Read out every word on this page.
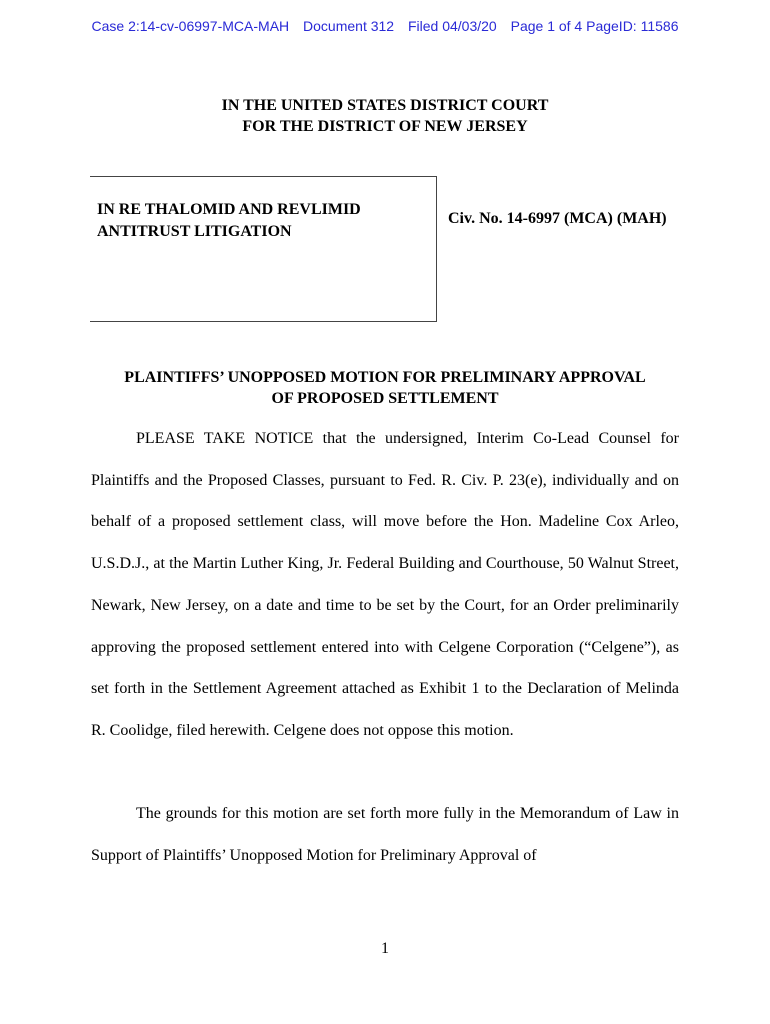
Case 2:14-cv-06997-MCA-MAH Document 312 Filed 04/03/20 Page 1 of 4 PageID: 11586
IN THE UNITED STATES DISTRICT COURT
FOR THE DISTRICT OF NEW JERSEY
IN RE THALOMID AND REVLIMID
ANTITRUST LITIGATION
Civ. No. 14-6997 (MCA) (MAH)
PLAINTIFFS’ UNOPPOSED MOTION FOR PRELIMINARY APPROVAL
OF PROPOSED SETTLEMENT

PLEASE TAKE NOTICE that the undersigned, Interim Co-Lead Counsel for Plaintiffs and the Proposed Classes, pursuant to Fed. R. Civ. P. 23(e), individually and on behalf of a proposed settlement class, will move before the Hon. Madeline Cox Arleo, U.S.D.J., at the Martin Luther King, Jr. Federal Building and Courthouse, 50 Walnut Street, Newark, New Jersey, on a date and time to be set by the Court, for an Order preliminarily approving the proposed settlement entered into with Celgene Corporation (“Celgene”), as set forth in the Settlement Agreement attached as Exhibit 1 to the Declaration of Melinda R. Coolidge, filed herewith. Celgene does not oppose this motion.

The grounds for this motion are set forth more fully in the Memorandum of Law in Support of Plaintiffs’ Unopposed Motion for Preliminary Approval of

1
